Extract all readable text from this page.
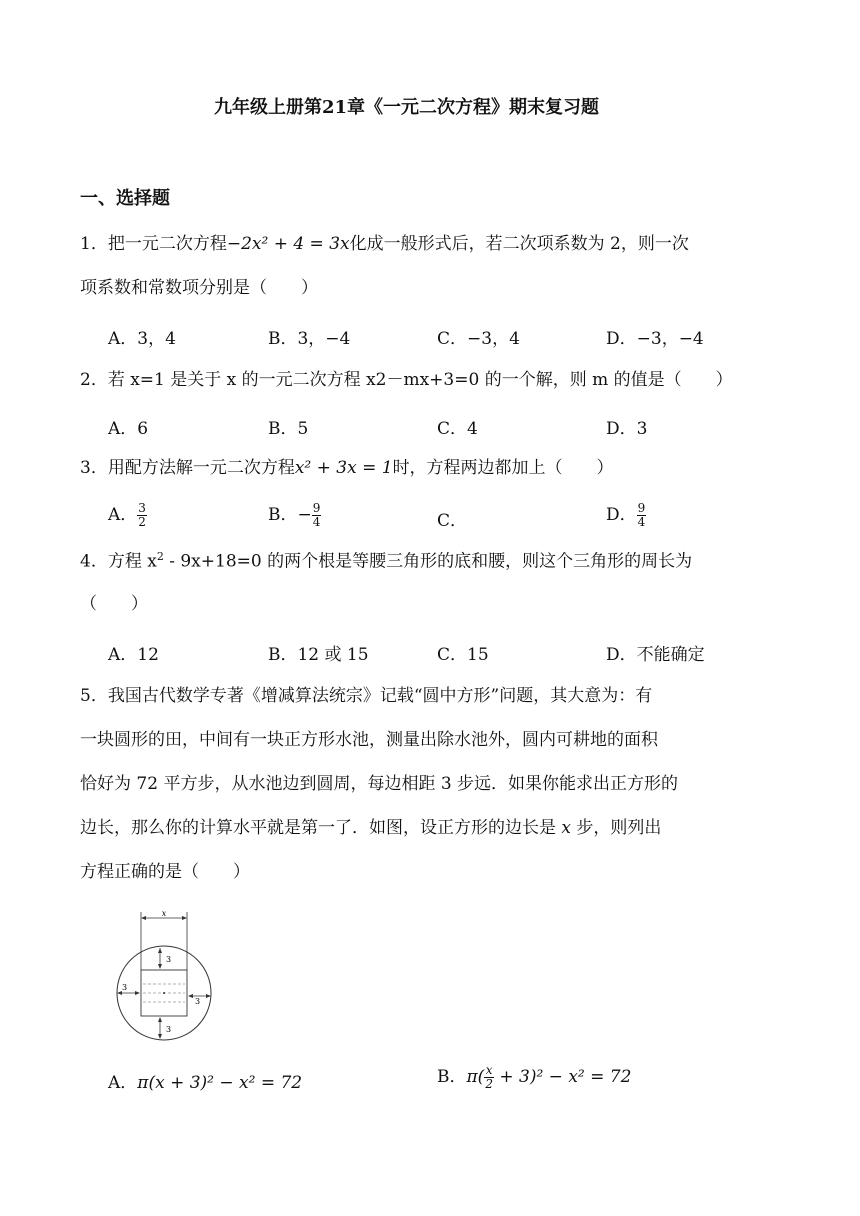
九年级上册第21章《一元二次方程》期末复习题
一、选择题
1．把一元二次方程−2x² + 4 = 3x化成一般形式后，若二次项系数为 2，则一次
项系数和常数项分别是（　　）
A．3，4	B．3，−4	C．−3，4	D．−3，−4
2．若 x=1 是关于 x 的一元二次方程 x2－mx+3=0 的一个解，则 m 的值是（　　）
A．6	B．5	C．4	D．3
3．用配方法解一元二次方程x² + 3x = 1时，方程两边都加上（　　）
A． $\frac{3}{2}$	B．− $\frac{9}{4}$	C．	D． $\frac{9}{4}$
4．方程 $x^2 - 9x+18=0$ 的两个根是等腰三角形的底和腰，则这个三角形的周长为
（　　）
A．12	B．12 或 15	C．15	D．不能确定
5．我国古代数学专著《增减算法统宗》记载“圆中方形”问题，其大意为：有
一块圆形的田，中间有一块正方形水池，测量出除水池外，圆内可耕地的面积
恰好为 72 平方步，从水池边到圆周，每边相距 3 步远．如果你能求出正方形的
边长，那么你的计算水平就是第一了．如图，设正方形的边长是 x 步，则列出
方程正确的是（　　）
x
3
3
3
3
A．π(x + 3)² − x² = 72	B．$\pi( \frac{x}{2} + 3)^2 - x^2 = 72$
